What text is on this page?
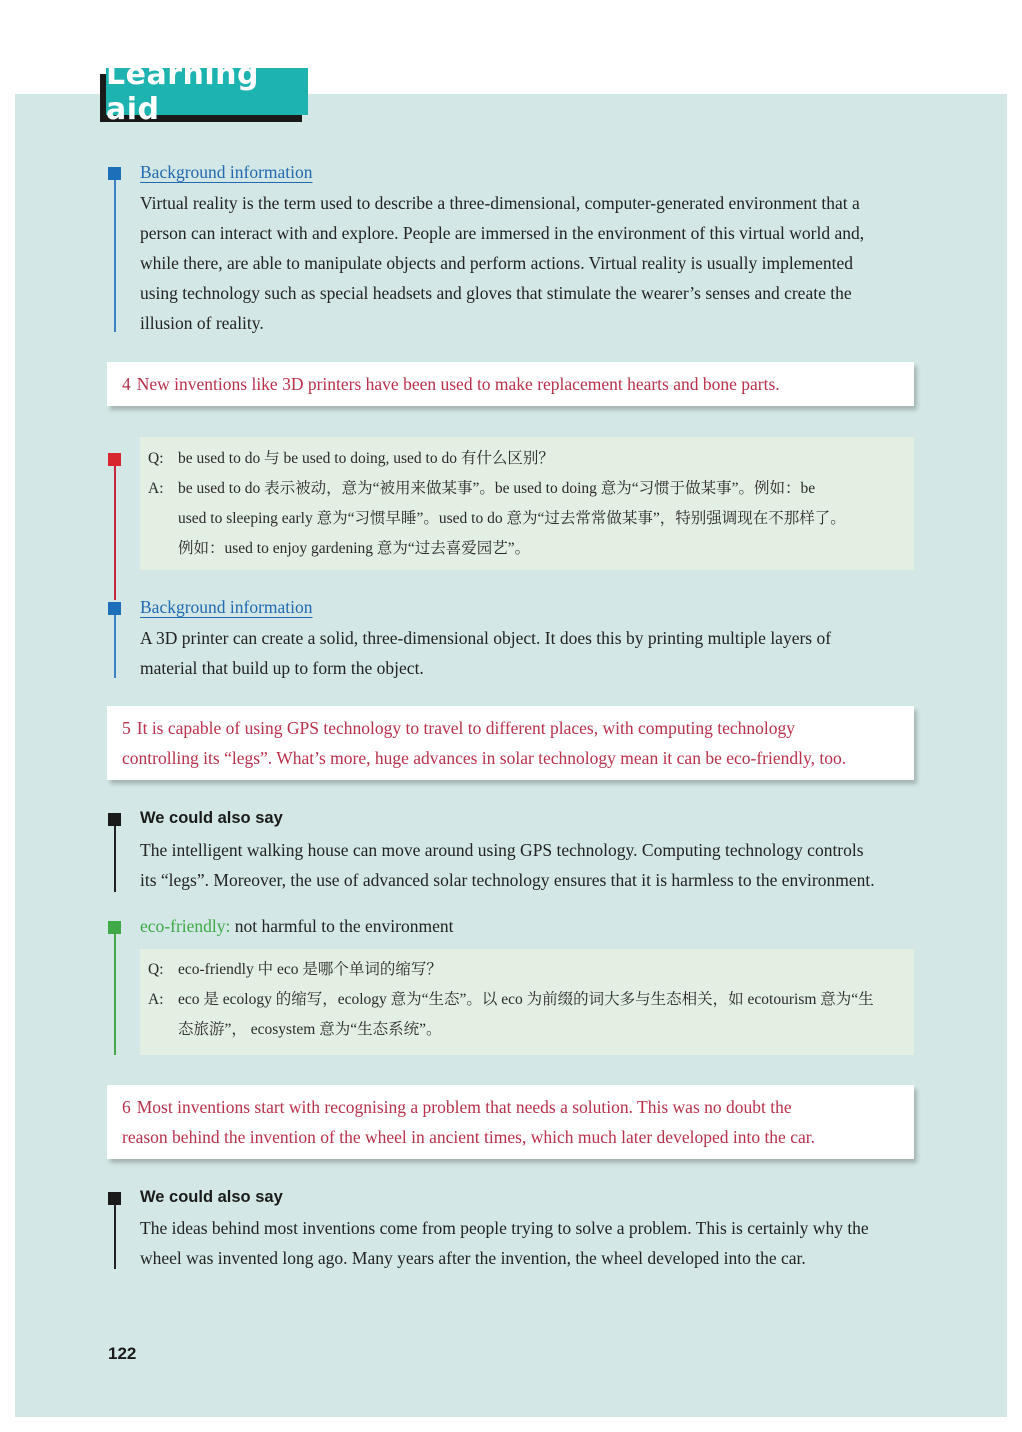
Learning aid
Background information
Virtual reality is the term used to describe a three-dimensional, computer-generated environment that a
person can interact with and explore. People are immersed in the environment of this virtual world and,
while there, are able to manipulate objects and perform actions. Virtual reality is usually implemented
using technology such as special headsets and gloves that stimulate the wearer’s senses and create the
illusion of reality.
4 New inventions like 3D printers have been used to make replacement hearts and bone parts.
Q: be used to do 与 be used to doing, used to do 有什么区别？
A: be used to do 表示被动，意为“被用来做某事”。be used to doing 意为“习惯于做某事”。例如：be
used to sleeping early 意为“习惯早睡”。used to do 意为“过去常常做某事”，特别强调现在不那样了。
例如：used to enjoy gardening 意为“过去喜爱园艺”。
Background information
A 3D printer can create a solid, three-dimensional object. It does this by printing multiple layers of
material that build up to form the object.
5 It is capable of using GPS technology to travel to different places, with computing technology
controlling its “legs”. What’s more, huge advances in solar technology mean it can be eco-friendly, too.
We could also say
The intelligent walking house can move around using GPS technology. Computing technology controls
its “legs”. Moreover, the use of advanced solar technology ensures that it is harmless to the environment.
eco-friendly: not harmful to the environment
Q: eco-friendly 中 eco 是哪个单词的缩写？
A: eco 是 ecology 的缩写，ecology 意为“生态”。以 eco 为前缀的词大多与生态相关，如 ecotourism 意为“生
态旅游”， ecosystem 意为“生态系统”。
6 Most inventions start with recognising a problem that needs a solution. This was no doubt the
reason behind the invention of the wheel in ancient times, which much later developed into the car.
We could also say
The ideas behind most inventions come from people trying to solve a problem. This is certainly why the
wheel was invented long ago. Many years after the invention, the wheel developed into the car.
122
